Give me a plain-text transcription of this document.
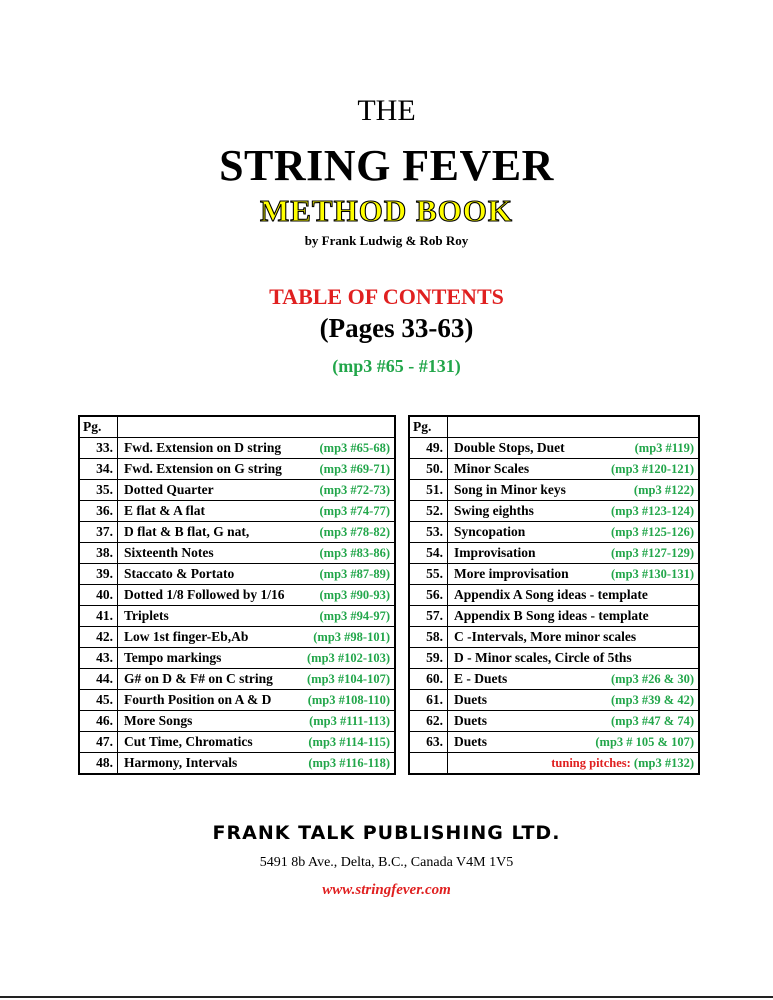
THE
STRING FEVER
METHOD BOOK
by Frank Ludwig & Rob Roy
TABLE OF CONTENTS
(Pages 33-63)
(mp3 #65 - #131)
Pg.	
33.	Fwd. Extension on D string (mp3 #65-68)

34.	Fwd. Extension on G string (mp3 #69-71)

35.	Dotted Quarter (mp3 #72-73)

36.	E flat & A flat (mp3 #74-77)

37.	D flat & B flat, G nat, (mp3 #78-82)

38.	Sixteenth Notes (mp3 #83-86)

39.	Staccato & Portato (mp3 #87-89)

40.	Dotted 1/8 Followed by 1/16 (mp3 #90-93)

41.	Triplets (mp3 #94-97)

42.	Low 1st finger-Eb,Ab (mp3 #98-101)

43.	Tempo markings (mp3 #102-103)

44.	G# on D & F# on C string (mp3 #104-107)

45.	Fourth Position on A & D (mp3 #108-110)

46.	More Songs (mp3 #111-113)

47.	Cut Time, Chromatics (mp3 #114-115)

48.	Harmony, Intervals (mp3 #116-118)
Pg.	
49.	Double Stops, Duet (mp3 #119)

50.	Minor Scales (mp3 #120-121)

51.	Song in Minor keys (mp3 #122)

52.	Swing eighths (mp3 #123-124)

53.	Syncopation (mp3 #125-126)

54.	Improvisation (mp3 #127-129)

55.	More improvisation (mp3 #130-131)

56.	Appendix A Song ideas - template

57.	Appendix B Song ideas - template

58.	C -Intervals, More minor scales

59.	D - Minor scales, Circle of 5ths

60.	E - Duets (mp3 #26 & 30)

61.	Duets (mp3 #39 & 42)

62.	Duets (mp3 #47 & 74)

63.	Duets (mp3 # 105 & 107)

	tuning pitches: (mp3 #132)
FRANK TALK PUBLISHING LTD.
5491 8b Ave., Delta, B.C., Canada V4M 1V5
www.stringfever.com
